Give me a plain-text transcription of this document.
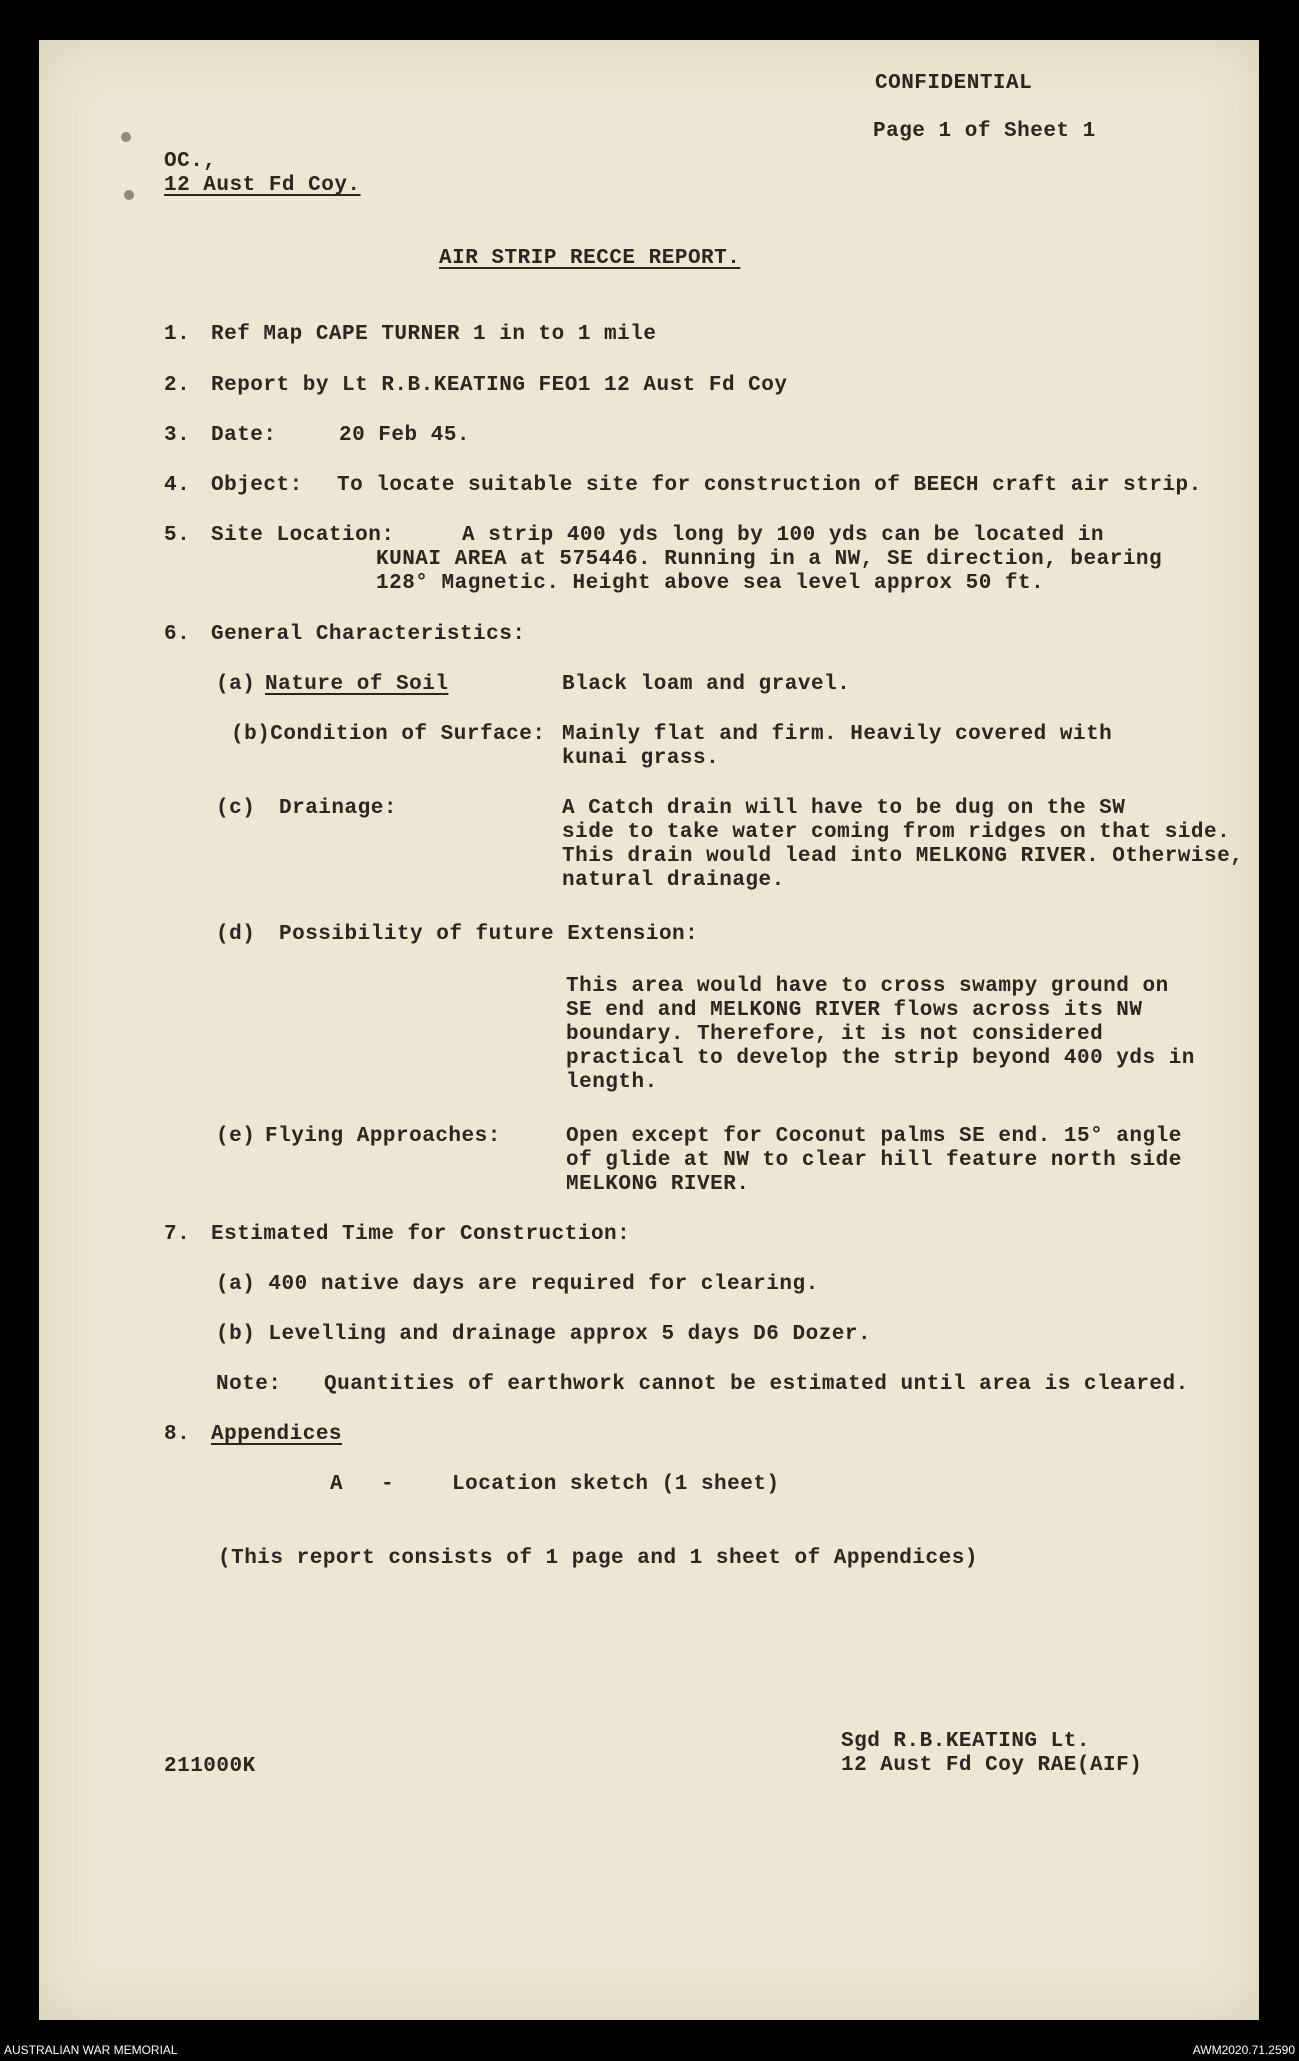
CONFIDENTIAL
Page 1 of Sheet 1
OC.,
12 Aust Fd Coy.
AIR STRIP RECCE REPORT.
1. Ref Map CAPE TURNER 1 in to 1 mile
2. Report by Lt R.B.KEATING FEO1 12 Aust Fd Coy
3. Date:	20 Feb 45.
4. Object: To locate suitable site for construction of BEECH craft air strip.
5. Site Location:	A strip 400 yds long by 100 yds can be located in
KUNAI AREA at 575446. Running in a NW, SE direction, bearing
128° Magnetic. Height above sea level approx 50 ft.
6. General Characteristics:
(a) Nature of Soil	Black loam and gravel.
(b)Condition of Surface: Mainly flat and firm. Heavily covered with
kunai grass.
(c) Drainage:	A Catch drain will have to be dug on the SW
side to take water coming from ridges on that side.
This drain would lead into MELKONG RIVER. Otherwise,
natural drainage.
(d) Possibility of future Extension:
This area would have to cross swampy ground on
SE end and MELKONG RIVER flows across its NW
boundary. Therefore, it is not considered
practical to develop the strip beyond 400 yds in
length.
(e) Flying Approaches:	Open except for Coconut palms SE end. 15° angle
of glide at NW to clear hill feature north side
MELKONG RIVER.
7. Estimated Time for Construction:
(a) 400 native days are required for clearing.
(b) Levelling and drainage approx 5 days D6 Dozer.
Note: Quantities of earthwork cannot be estimated until area is cleared.
8. Appendices
A -	Location sketch (1 sheet)
(This report consists of 1 page and 1 sheet of Appendices)
211000K
Sgd R.B.KEATING Lt.
12 Aust Fd Coy RAE(AIF)
AUSTRALIAN WAR MEMORIAL	AWM2020.71.2590
